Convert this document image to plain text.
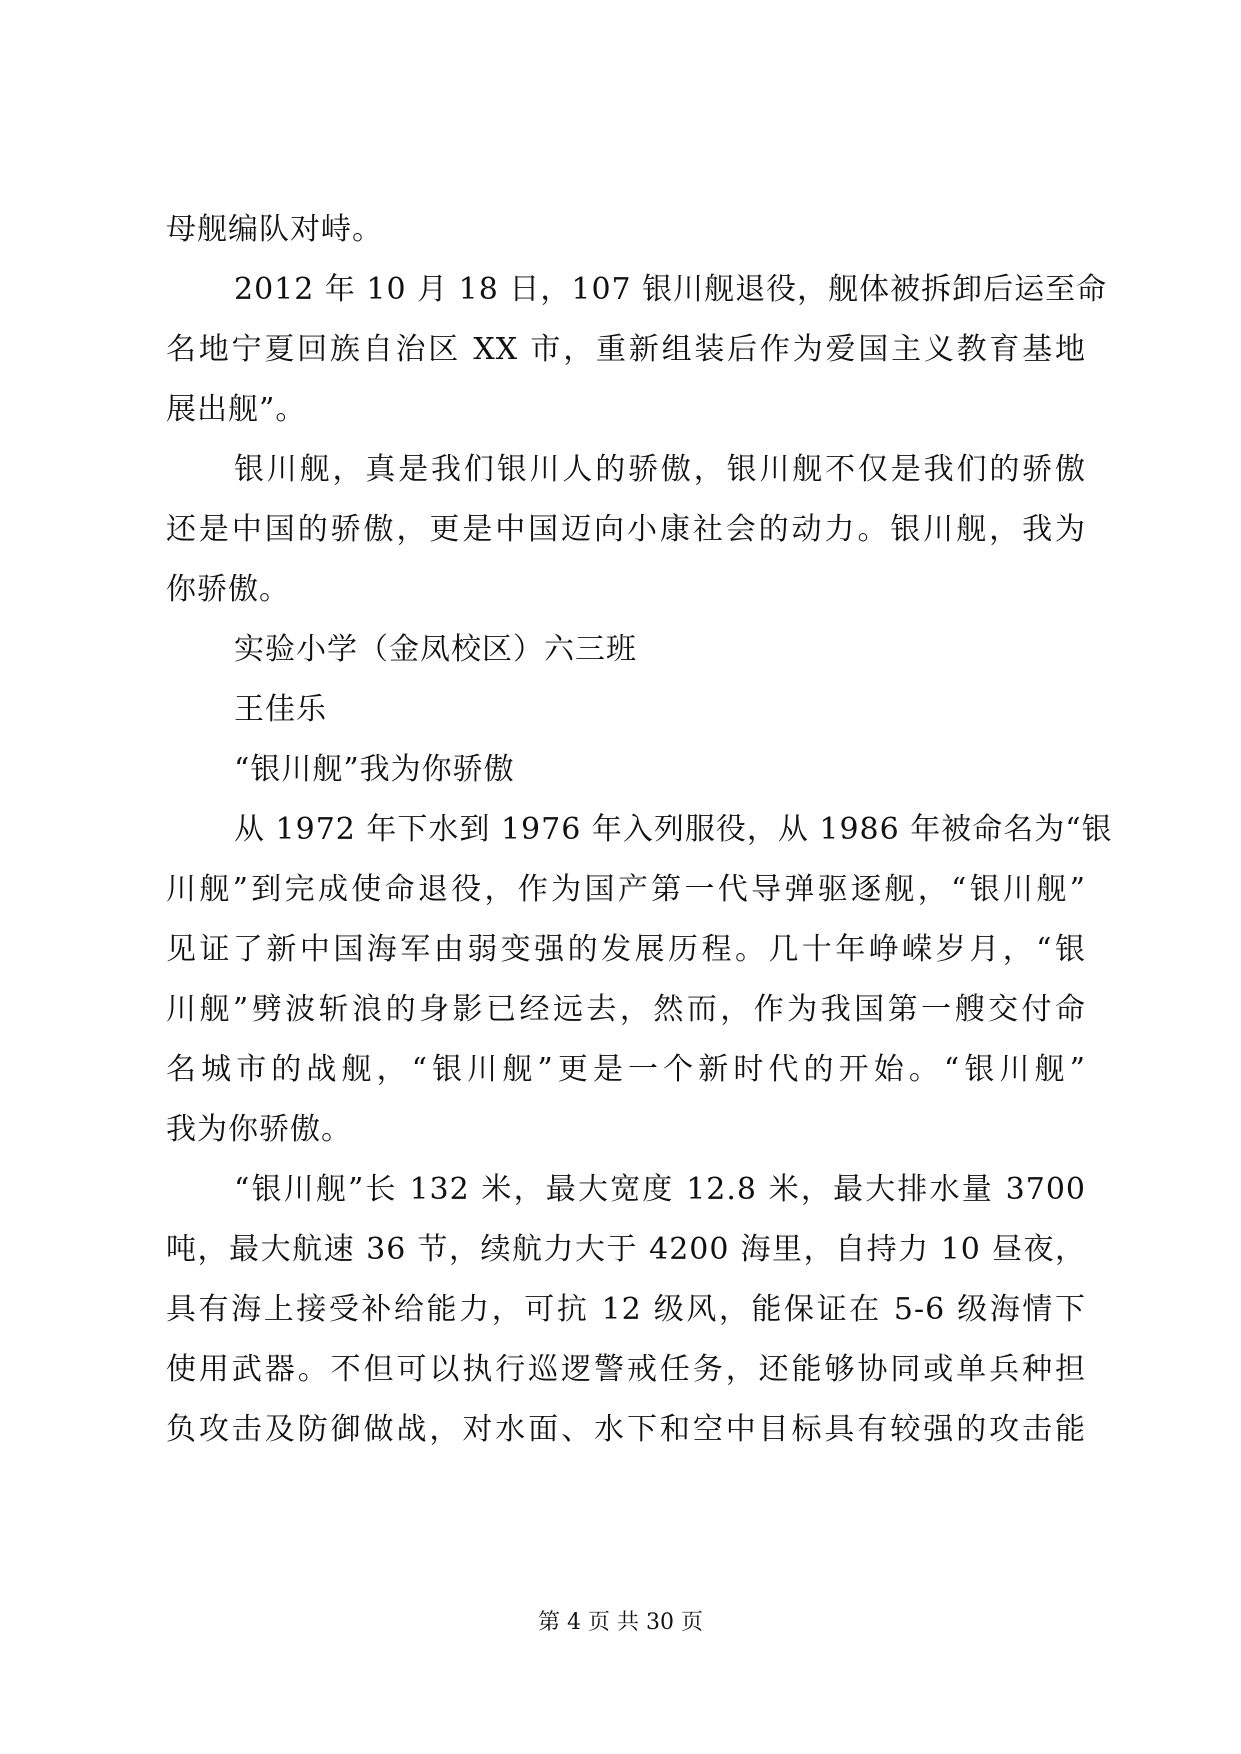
母舰编队对峙。
2012 年 10 月 18 日，107 银川舰退役，舰体被拆卸后运至命
名地宁夏回族自治区 XX 市，重新组装后作为爱国主义教育基地
展出舰”。
银川舰，真是我们银川人的骄傲，银川舰不仅是我们的骄傲
还是中国的骄傲，更是中国迈向小康社会的动力。银川舰，我为
你骄傲。
实验小学（金凤校区）六三班
王佳乐
“银川舰”我为你骄傲
从 1972 年下水到 1976 年入列服役，从 1986 年被命名为“银
川舰”到完成使命退役，作为国产第一代导弹驱逐舰，“银川舰”
见证了新中国海军由弱变强的发展历程。几十年峥嵘岁月，“银
川舰”劈波斩浪的身影已经远去，然而，作为我国第一艘交付命
名城市的战舰，“银川舰”更是一个新时代的开始。“银川舰”
我为你骄傲。
“银川舰”长 132 米，最大宽度 12.8 米，最大排水量 3700
吨，最大航速 36 节，续航力大于 4200 海里，自持力 10 昼夜，
具有海上接受补给能力，可抗 12 级风，能保证在 5-6 级海情下
使用武器。不但可以执行巡逻警戒任务，还能够协同或单兵种担
负攻击及防御做战，对水面、水下和空中目标具有较强的攻击能
第 4 页 共 30 页
